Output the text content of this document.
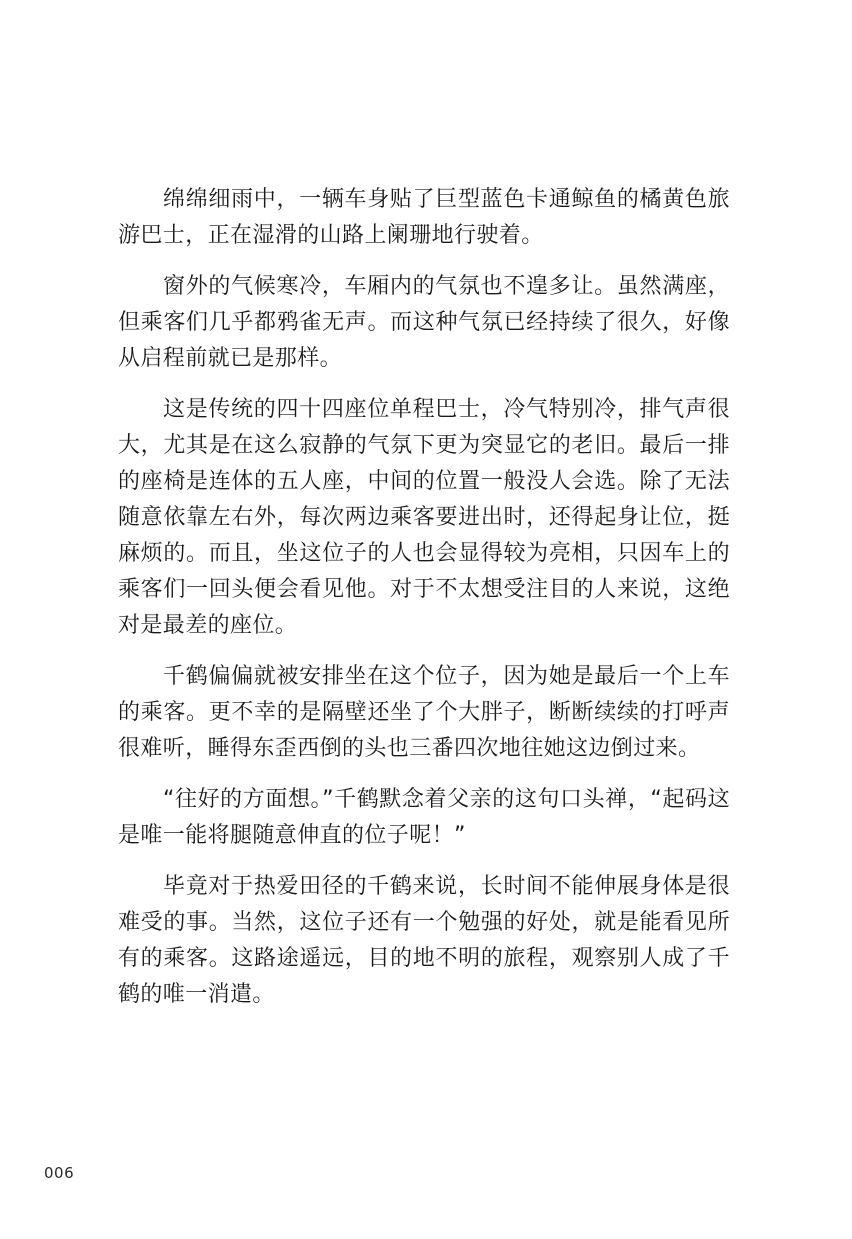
绵绵细雨中，一辆车身贴了巨型蓝色卡通鲸鱼的橘黄色旅游巴士，正在湿滑的山路上阑珊地行驶着。

窗外的气候寒冷，车厢内的气氛也不遑多让。虽然满座，但乘客们几乎都鸦雀无声。而这种气氛已经持续了很久，好像从启程前就已是那样。

这是传统的四十四座位单程巴士，冷气特别冷，排气声很大，尤其是在这么寂静的气氛下更为突显它的老旧。最后一排的座椅是连体的五人座，中间的位置一般没人会选。除了无法随意依靠左右外，每次两边乘客要进出时，还得起身让位，挺麻烦的。而且，坐这位子的人也会显得较为亮相，只因车上的乘客们一回头便会看见他。对于不太想受注目的人来说，这绝对是最差的座位。

千鹤偏偏就被安排坐在这个位子，因为她是最后一个上车的乘客。更不幸的是隔壁还坐了个大胖子，断断续续的打呼声很难听，睡得东歪西倒的头也三番四次地往她这边倒过来。

“往好的方面想。”千鹤默念着父亲的这句口头禅，“起码这是唯一能将腿随意伸直的位子呢！”

毕竟对于热爱田径的千鹤来说，长时间不能伸展身体是很难受的事。当然，这位子还有一个勉强的好处，就是能看见所有的乘客。这路途遥远，目的地不明的旅程，观察别人成了千鹤的唯一消遣。

006
